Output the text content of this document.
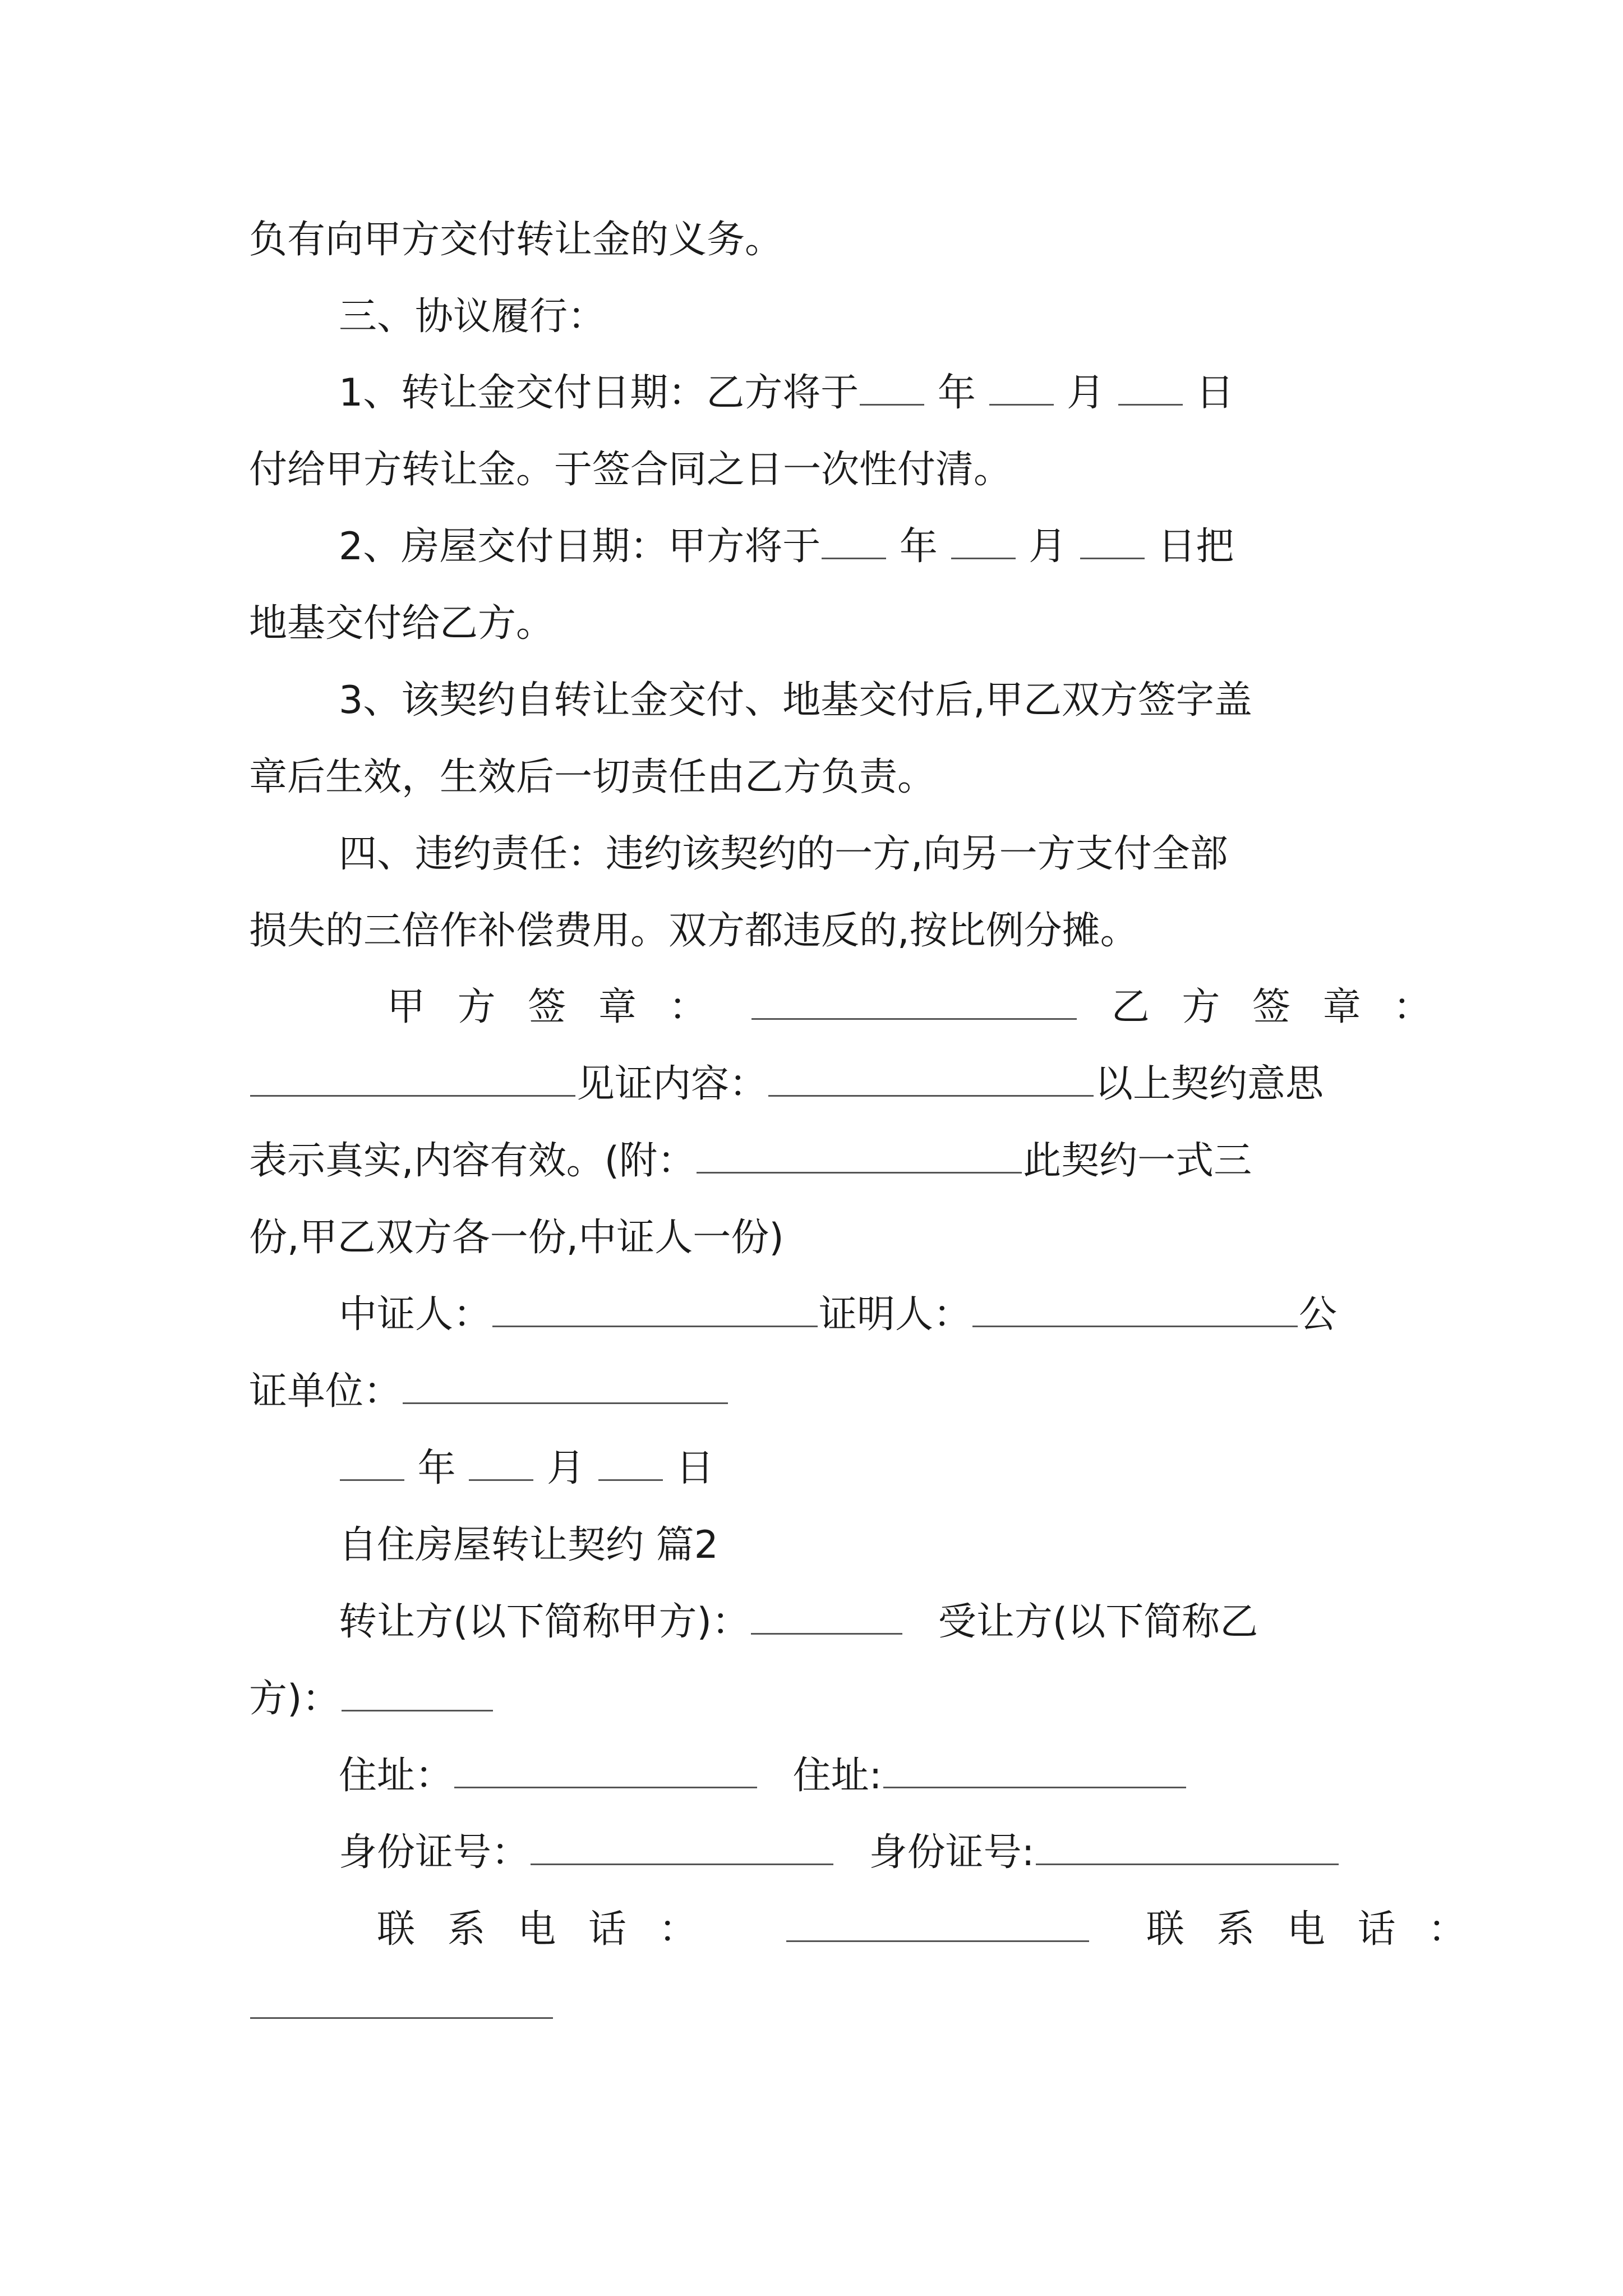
负有向甲方交付转让金的义务。
三、协议履行：
1、转让金交付日期：乙方将于 年 月 日
付给甲方转让金。于签合同之日一次性付清。
2、房屋交付日期：甲方将于 年 月 日把
地基交付给乙方。
3、该契约自转让金交付、地基交付后,甲乙双方签字盖
章后生效，生效后一切责任由乙方负责。
四、违约责任：违约该契约的一方,向另一方支付全部
损失的三倍作补偿费用。双方都违反的,按比例分摊。
甲 方 签 章 ：	乙 方 签 章 ：
见证内容：	以上契约意思
表示真实,内容有效。(附：	此契约一式三
份,甲乙双方各一份,中证人一份)
中证人：	证明人：	公
证单位：
年 月 日
自住房屋转让契约 篇2
转让方(以下简称甲方)：	受让方(以下简称乙
方)：
住址：	住址:
身份证号：	身份证号:
联 系 电 话 ：	联 系 电 话 ：
